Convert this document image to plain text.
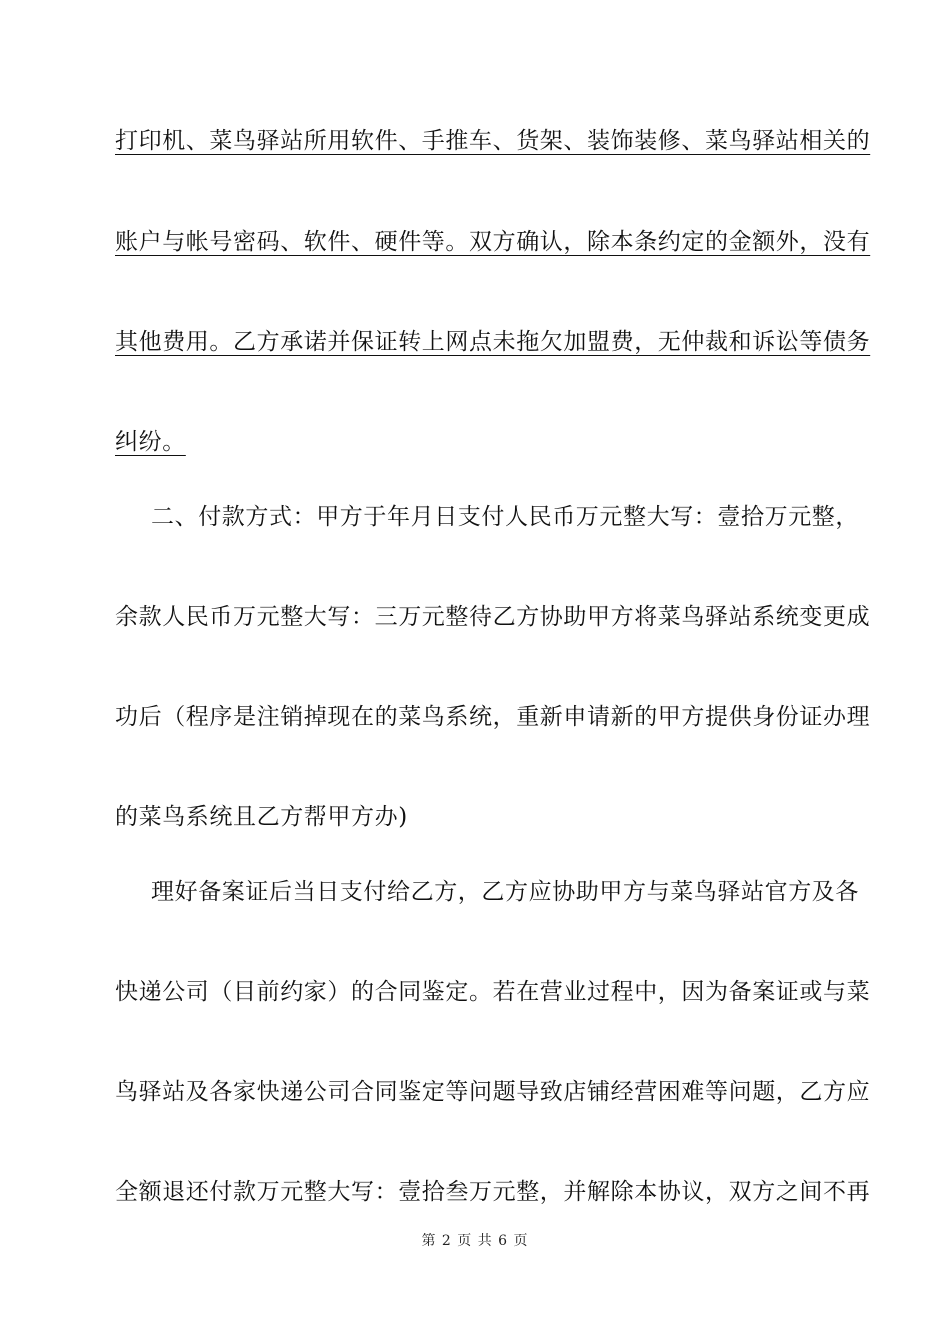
打印机、菜鸟驿站所用软件、手推车、货架、装饰装修、菜鸟驿站相关的
账户与帐号密码、软件、硬件等。双方确认，除本条约定的金额外，没有
其他费用。乙方承诺并保证转上网点未拖欠加盟费，无仲裁和诉讼等债务
纠纷。
二、付款方式：甲方于年月日支付人民币万元整大写：壹拾万元整，
余款人民币万元整大写：三万元整待乙方协助甲方将菜鸟驿站系统变更成
功后（程序是注销掉现在的菜鸟系统，重新申请新的甲方提供身份证办理
的菜鸟系统且乙方帮甲方办)
理好备案证后当日支付给乙方，乙方应协助甲方与菜鸟驿站官方及各
快递公司（目前约家）的合同鉴定。若在营业过程中，因为备案证或与菜
鸟驿站及各家快递公司合同鉴定等问题导致店铺经营困难等问题，乙方应
全额退还付款万元整大写：壹拾叁万元整，并解除本协议，双方之间不再
第 2 页 共 6 页
